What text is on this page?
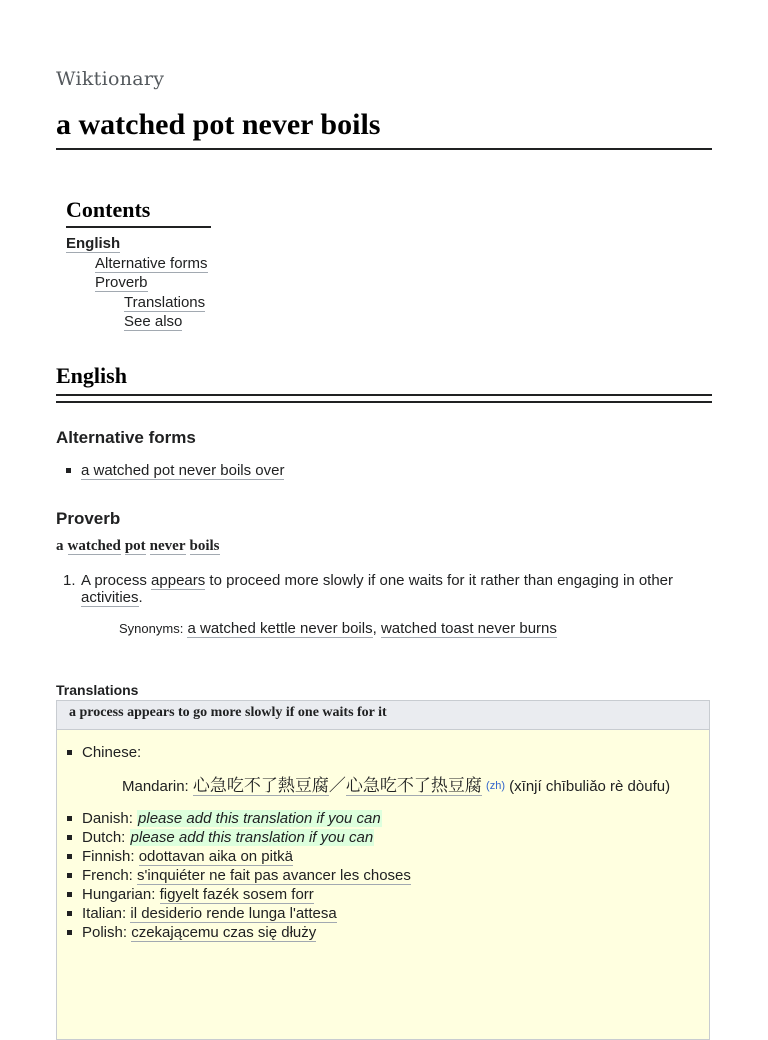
Wiktionary
a watched pot never boils
Contents
English
Alternative forms
Proverb
Translations
See also
English
Alternative forms
a watched pot never boils over
Proverb
a watched pot never boils
1. A process appears to proceed more slowly if one waits for it rather than engaging in other activities.
Synonyms: a watched kettle never boils, watched toast never burns
Translations
a process appears to go more slowly if one waits for it
Chinese:
Mandarin: 心急吃不了熱豆腐／心急吃不了热豆腐 (zh) (xīnjí chībuliǎo rè dòufu)
Danish: please add this translation if you can
Dutch: please add this translation if you can
Finnish: odottavan aika on pitkä
French: s'inquiéter ne fait pas avancer les choses
Hungarian: figyelt fazék sosem forr
Italian: il desiderio rende lunga l'attesa
Polish: czekającemu czas się dłuży
